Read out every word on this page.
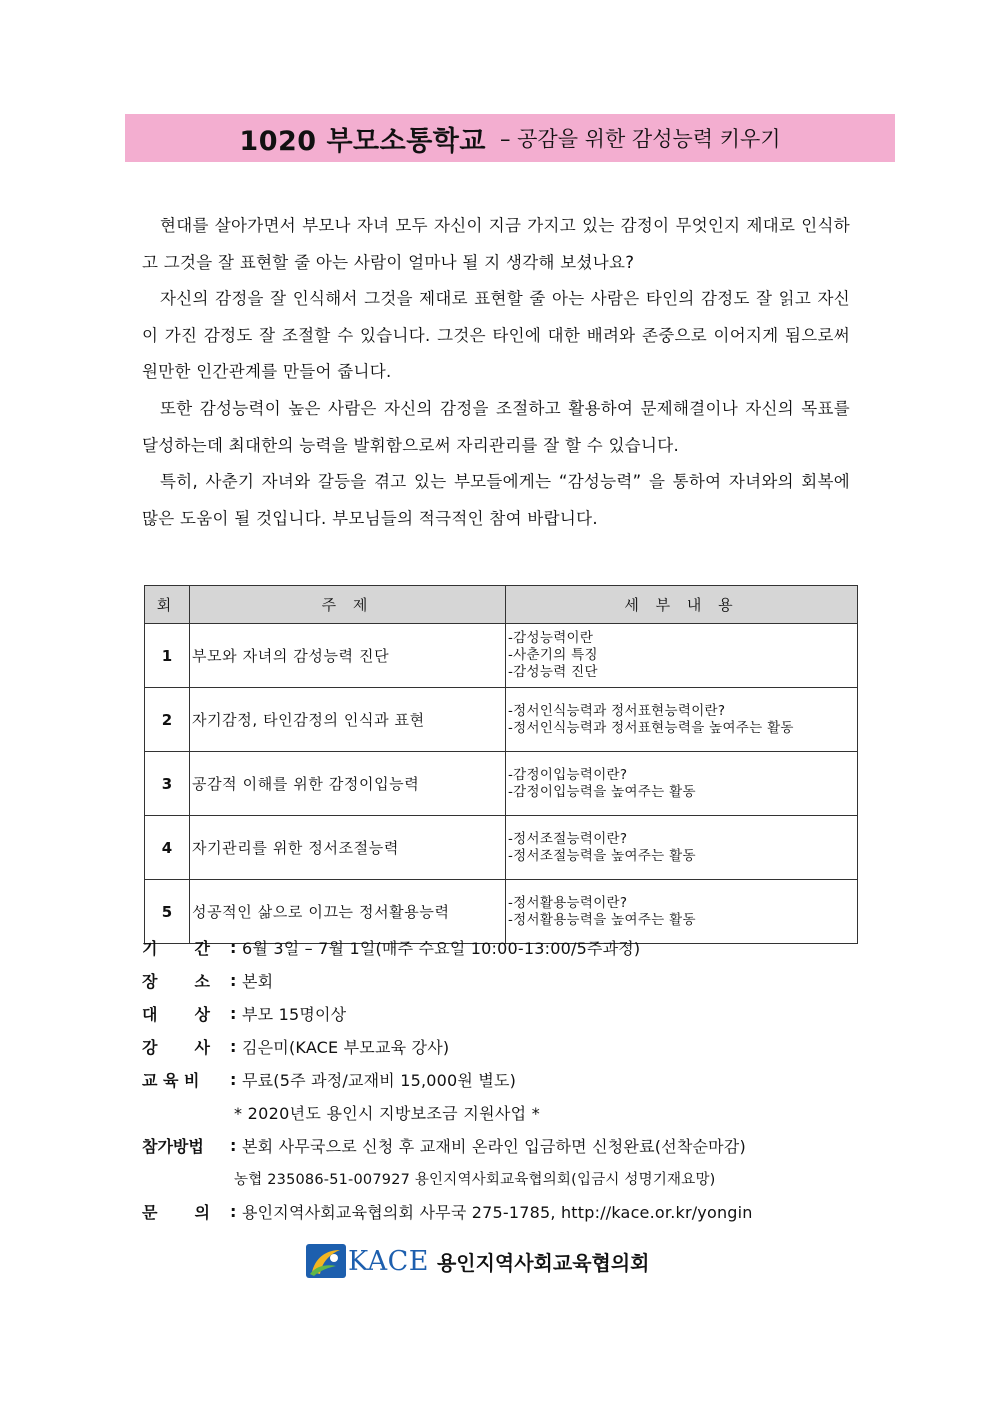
1020 부모소통학교 – 공감을 위한 감성능력 키우기

현대를 살아가면서 부모나 자녀 모두 자신이 지금 가지고 있는 감정이 무엇인지 제대로 인식하고 그것을 잘 표현할 줄 아는 사람이 얼마나 될 지 생각해 보셨나요?

자신의 감정을 잘 인식해서 그것을 제대로 표현할 줄 아는 사람은 타인의 감정도 잘 읽고 자신이 가진 감정도 잘 조절할 수 있습니다. 그것은 타인에 대한 배려와 존중으로 이어지게 됨으로써 원만한 인간관계를 만들어 줍니다.

또한 감성능력이 높은 사람은 자신의 감정을 조절하고 활용하여 문제해결이나 자신의 목표를 달성하는데 최대한의 능력을 발휘함으로써 자리관리를 잘 할 수 있습니다.

특히, 사춘기 자녀와 갈등을 겪고 있는 부모들에게는 “감성능력” 을 통하여 자녀와의 회복에 많은 도움이 될 것입니다. 부모님들의 적극적인 참여 바랍니다.

회	주 제	세 부 내 용
1	부모와 자녀의 감성능력 진단	-감성능력이란
-사춘기의 특징
-감성능력 진단

2	자기감정, 타인감정의 인식과 표현	-정서인식능력과 정서표현능력이란?
-정서인식능력과 정서표현능력을 높여주는 활동

3	공감적 이해를 위한 감정이입능력	-감정이입능력이란?
-감정이입능력을 높여주는 활동

4	자기관리를 위한 정서조절능력	-정서조절능력이란?
-정서조절능력을 높여주는 활동

5	성공적인 삶으로 이끄는 정서활용능력	-정서활용능력이란?
-정서활용능력을 높여주는 활동
기 간 : 6월 3일 – 7월 1일(매주 수요일 10:00-13:00/5주과정)
장 소 : 본회
대 상 : 부모 15명이상
강 사 : 김은미(KACE 부모교육 강사)
교 육 비	: 무료(5주 과정/교재비 15,000원 별도)
* 2020년도 용인시 지방보조금 지원사업 *
참가방법	: 본회 사무국으로 신청 후 교재비 온라인 입금하면 신청완료(선착순마감)
농협 235086-51-007927 용인지역사회교육협의회(입금시 성명기재요망)
문 의 : 용인지역사회교육협의회 사무국 275-1785, http://kace.or.kr/yongin
KACE 용인지역사회교육협의회
